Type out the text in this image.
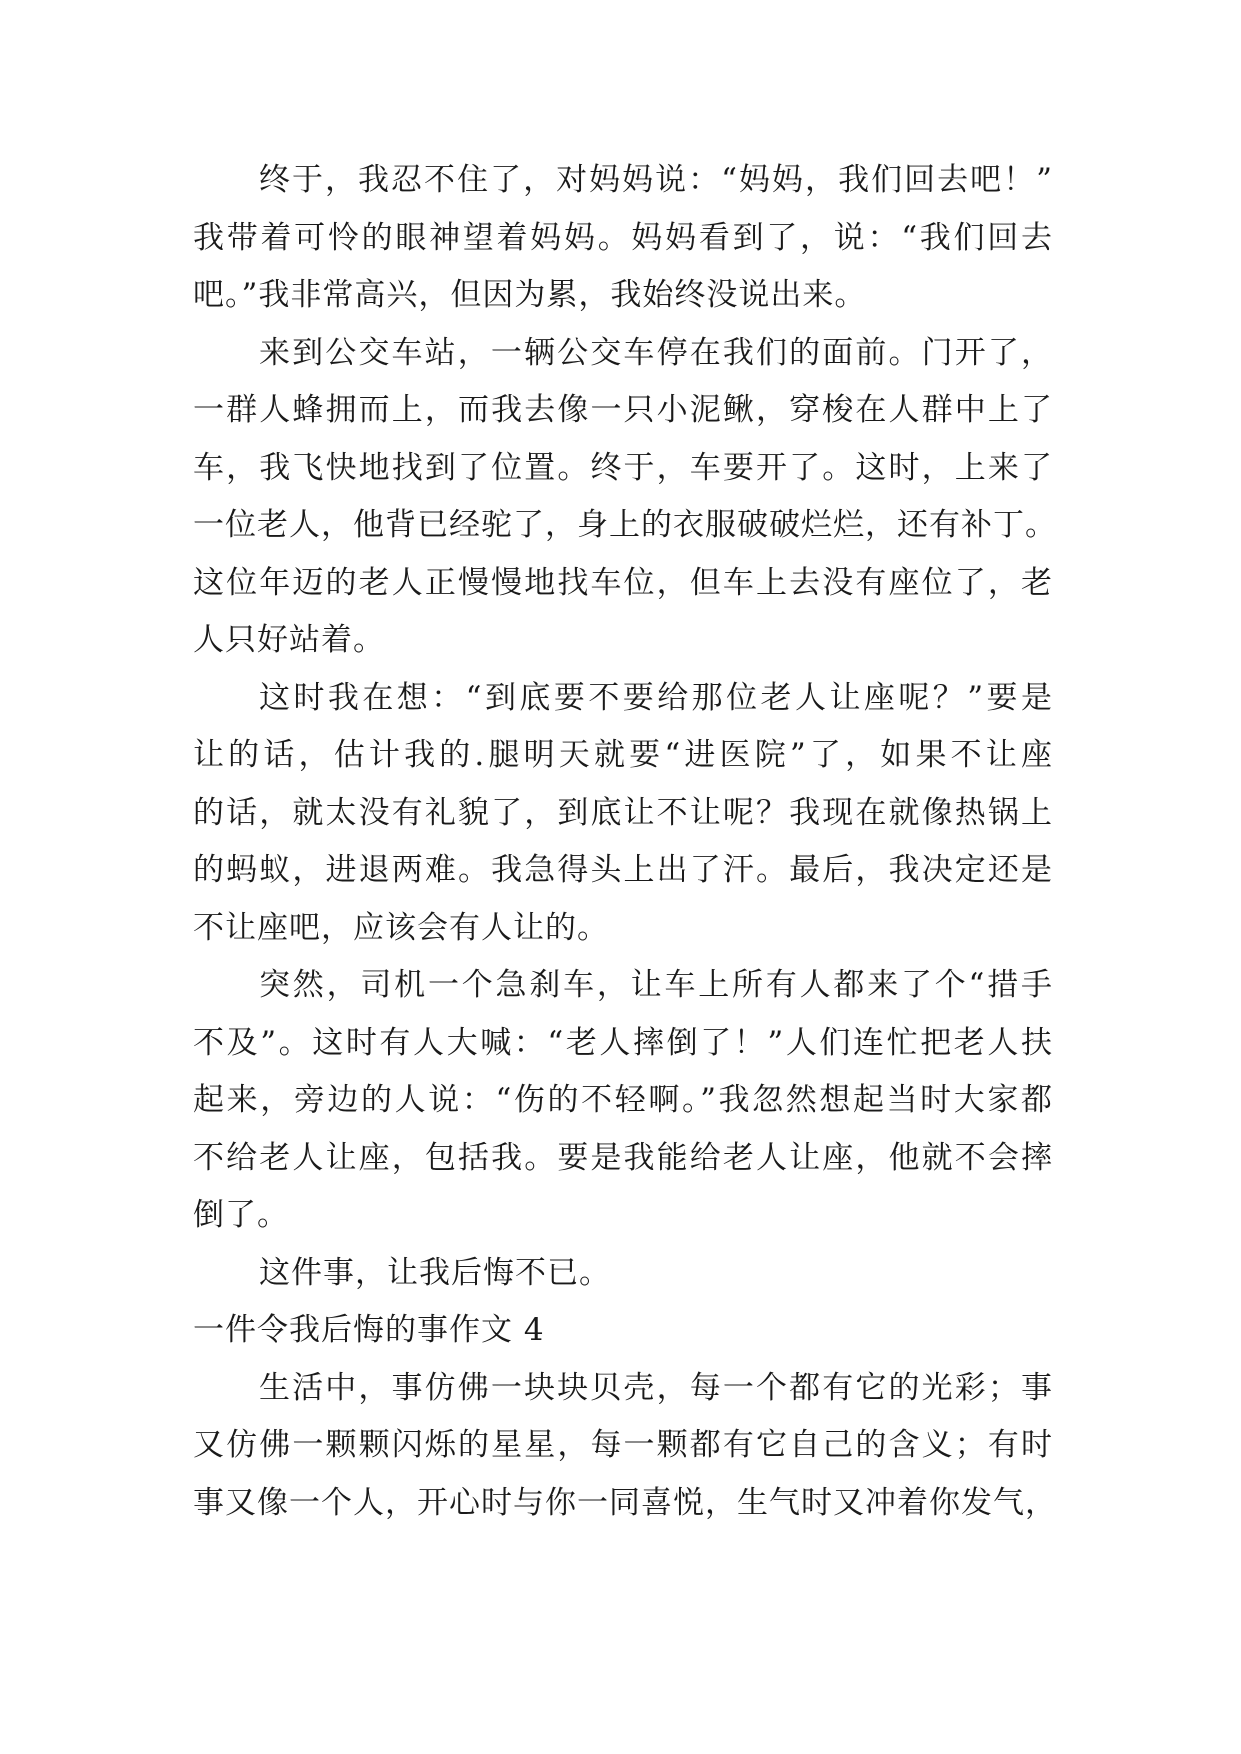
终于，我忍不住了，对妈妈说：“妈妈，我们回去吧！”
我带着可怜的眼神望着妈妈。妈妈看到了，说：“我们回去
吧。”我非常高兴，但因为累，我始终没说出来。
来到公交车站，一辆公交车停在我们的面前。门开了，
一群人蜂拥而上，而我去像一只小泥鳅，穿梭在人群中上了
车，我飞快地找到了位置。终于，车要开了。这时，上来了
一位老人，他背已经驼了，身上的衣服破破烂烂，还有补丁。
这位年迈的老人正慢慢地找车位，但车上去没有座位了，老
人只好站着。
这时我在想：“到底要不要给那位老人让座呢？”要是
让的话，估计我的.腿明天就要“进医院”了，如果不让座
的话，就太没有礼貌了，到底让不让呢？我现在就像热锅上
的蚂蚁，进退两难。我急得头上出了汗。最后，我决定还是
不让座吧，应该会有人让的。
突然，司机一个急刹车，让车上所有人都来了个“措手
不及”。这时有人大喊：“老人摔倒了！”人们连忙把老人扶
起来，旁边的人说：“伤的不轻啊。”我忽然想起当时大家都
不给老人让座，包括我。要是我能给老人让座，他就不会摔
倒了。
这件事，让我后悔不已。
一件令我后悔的事作文 4
生活中，事仿佛一块块贝壳，每一个都有它的光彩；事
又仿佛一颗颗闪烁的星星，每一颗都有它自己的含义；有时
事又像一个人，开心时与你一同喜悦，生气时又冲着你发气，
